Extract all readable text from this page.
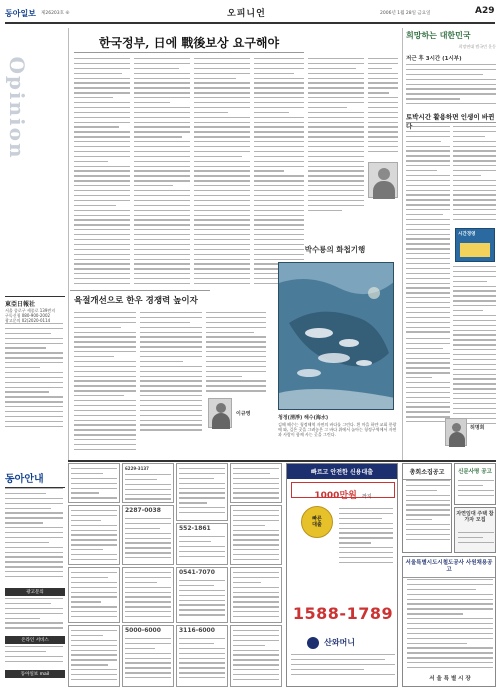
동아일보 제26203호 ⑥	오피니언	2006년 1월 28일 금요일	A29
Opinion
東亞日報社
서울 종로구 세종로 139번지
구독신청 080-900-2002
광고문의 02)2020-0114
동아안내
광고문의
온라인 서비스
동아일보 mail
한국정부, 日에 戰後보상 요구해야
희망하는 대한민국
희망연대 범국민 운동
저근 후 3시간 (1시부)
토박시간 활용하면 인생이 바뀐
시간경영
허명희
육절개선으로 한우 경쟁력 높이자
이규영
박수룡의 화첩기행
청정(淸淨) 해수(海水)
김해 해수는 청정해역 자연의 바다를 그린다. 흰 마을 하얀 교회 풍광에 와, 깊은 곳을 그려놓은 그 바다 위에서 놀아는 청정구역에서 자연과 사람이 함께 사는 곳을 그린다.
6229-3137
2287-0038
552-1861
0541-7070
5000-6000	3116-6000
빠르고 안전한 신용대출
1000만원 까지
빠른
대출
1588-1789
산와머니
총회소집공고	신문사명 공고
자연임대 주택 참가자 모집
서울특별시도시철도공사 사원채용공고
서 울 특 별 시 장
